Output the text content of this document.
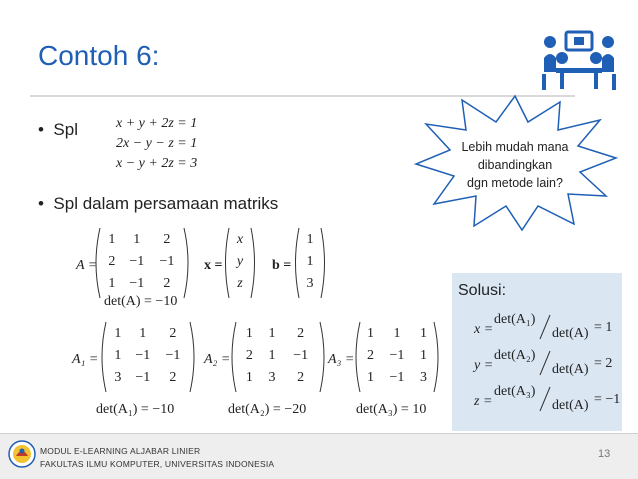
Contoh 6:
• Spl	x + y + 2z = 1
2x − y − z = 1
x − y + 2z = 3
• Spl dalam persamaan matriks
Lebih mudah mana
dibandingkan
dgn metode lain?
A =
1	1	2
2	−1	−1
1	−1	2
det(A) = −10
x =
x
y
z
b =
1
1
3
A₁ =
1	1	2
1	−1	−1
3	−1	2
det(A₁) = −10
A₂ =
1	1	2
2	1	−1
1	3	2
det(A₂) = −20
A₃ =
1	1	1
2	−1	1
1	−1	3
det(A₃) = 10
Solusi:
x =
det(A₁)
det(A) = 1
y =
det(A₂)
det(A) = 2
z =
det(A₃)
det(A) = −1
MODUL E-LEARNING ALJABAR LINIER
FAKULTAS ILMU KOMPUTER, UNIVERSITAS INDONESIA
13
